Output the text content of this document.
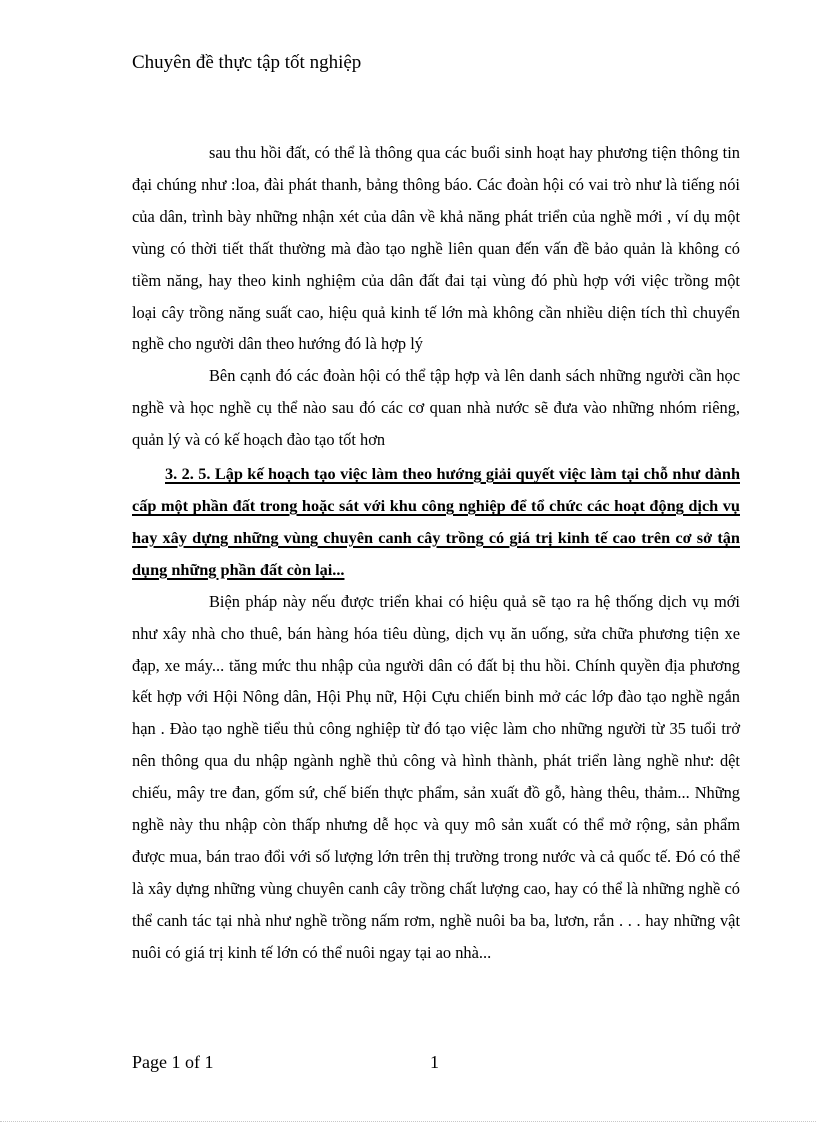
Chuyên đề thực tập tốt nghiệp

sau thu hồi đất, có thể là thông qua các buổi sinh hoạt hay phương tiện thông tin đại chúng như :loa, đài phát thanh, bảng thông báo. Các đoàn hội có vai trò như là tiếng nói của dân, trình bày những nhận xét của dân về khả năng phát triển của nghề mới , ví dụ một vùng có thời tiết thất thường mà đào tạo nghề liên quan đến vấn đề bảo quản là không có tiềm năng, hay theo kinh nghiệm của dân đất đai tại vùng đó phù hợp với việc trồng một loại cây trồng năng suất cao, hiệu quả kinh tế lớn mà không cần nhiều diện tích thì chuyển nghề cho người dân theo hướng đó là hợp lý

Bên cạnh đó các đoàn hội có thể tập hợp và lên danh sách những người cần học nghề và học nghề cụ thể nào sau đó các cơ quan nhà nước sẽ đưa vào những nhóm riêng, quản lý và có kế hoạch đào tạo tốt hơn

3. 2. 5. Lập kế hoạch tạo việc làm theo hướng giải quyết việc làm tại chỗ như dành cấp một phần đất trong hoặc sát với khu công nghiệp để tổ chức các hoạt động dịch vụ hay xây dựng những vùng chuyên canh cây trồng có giá trị kinh tế cao trên cơ sở tận dụng những phần đất còn lại...

Biện pháp này nếu được triển khai có hiệu quả sẽ tạo ra hệ thống dịch vụ mới như xây nhà cho thuê, bán hàng hóa tiêu dùng, dịch vụ ăn uống, sửa chữa phương tiện xe đạp, xe máy... tăng mức thu nhập của người dân có đất bị thu hồi. Chính quyền địa phương kết hợp với Hội Nông dân, Hội Phụ nữ, Hội Cựu chiến binh mở các lớp đào tạo nghề ngắn hạn . Đào tạo nghề tiểu thủ công nghiệp từ đó tạo việc làm cho những người từ 35 tuổi trở nên thông qua du nhập ngành nghề thủ công và hình thành, phát triển làng nghề như: dệt chiếu, mây tre đan, gốm sứ, chế biến thực phẩm, sản xuất đồ gỗ, hàng thêu, thảm... Những nghề này thu nhập còn thấp nhưng dễ học và quy mô sản xuất có thể mở rộng, sản phẩm được mua, bán trao đổi với số lượng lớn trên thị trường trong nước và cả quốc tế. Đó có thể là xây dựng những vùng chuyên canh cây trồng chất lượng cao, hay có thể là những nghề có thể canh tác tại nhà như nghề trồng nấm rơm, nghề nuôi ba ba, lươn, rắn . . . hay những vật nuôi có giá trị kinh tế lớn có thể nuôi ngay tại ao nhà...

Page 1 of 1	1
